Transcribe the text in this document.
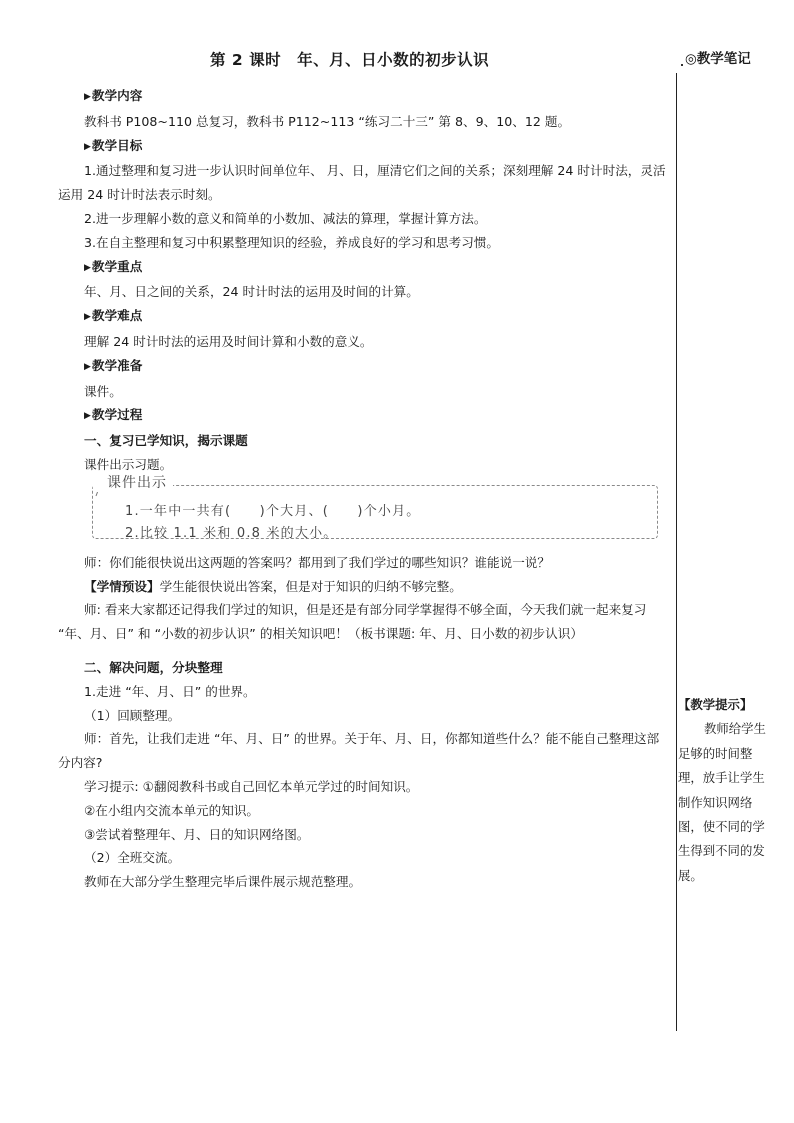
第 2 课时　年、月、日小数的初步认识	◎教学笔记
▶教学内容
教科书 P108~110 总复习，教科书 P112~113 “练习二十三” 第 8、9、10、12 题。
▶教学目标
1.通过整理和复习进一步认识时间单位年、 月、日，厘清它们之间的关系；深刻理解 24 时计时法，灵活运用 24 时计时法表示时刻。
2.进一步理解小数的意义和简单的小数加、减法的算理，掌握计算方法。
3.在自主整理和复习中积累整理知识的经验，养成良好的学习和思考习惯。
▶教学重点
年、月、日之间的关系，24 时计时法的运用及时间的计算。
▶教学难点
理解 24 时计时法的运用及时间计算和小数的意义。
▶教学准备
课件。
▶教学过程
一、复习已学知识，揭示课题
课件出示习题。
课件出示
1.一年中一共有(　　)个大月、(　　)个小月。
2.比较 1.1 米和 0.8 米的大小。
师：你们能很快说出这两题的答案吗？都用到了我们学过的哪些知识？谁能说一说？
【学情预设】学生能很快说出答案，但是对于知识的归纳不够完整。
师: 看来大家都还记得我们学过的知识，但是还是有部分同学掌握得不够全面，今天我们就一起来复习 “年、月、日” 和 “小数的初步认识” 的相关知识吧！（板书课题: 年、月、日小数的初步认识）
二、解决问题，分块整理
1.走进 “年、月、日” 的世界。
（1）回顾整理。
师：首先，让我们走进 “年、月、日” 的世界。关于年、月、日，你都知道些什么？能不能自己整理这部分内容?
学习提示: ①翻阅教科书或自己回忆本单元学过的时间知识。
②在小组内交流本单元的知识。
③尝试着整理年、月、日的知识网络图。
（2）全班交流。
教师在大部分学生整理完毕后课件展示规范整理。
【教学提示】
教师给学生足够的时间整理，放手让学生制作知识网络图，使不同的学生得到不同的发展。
